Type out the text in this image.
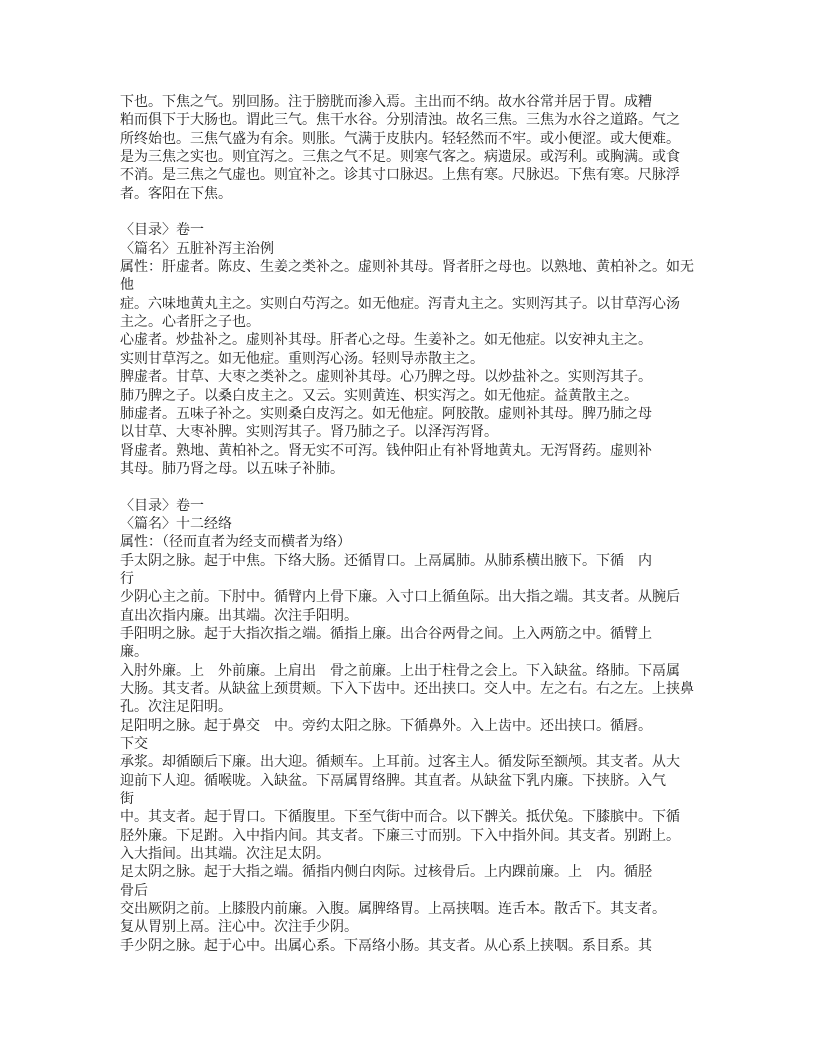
下也。下焦之气。别回肠。注于膀胱而渗入焉。主出而不纳。故水谷常并居于胃。成糟
粕而俱下于大肠也。谓此三气。焦干水谷。分别清浊。故名三焦。三焦为水谷之道路。气之
所终始也。三焦气盛为有余。则胀。气满于皮肤内。轻轻然而不牢。或小便涩。或大便难。
是为三焦之实也。则宜泻之。三焦之气不足。则寒气客之。病遗尿。或泻利。或胸满。或食
不消。是三焦之气虚也。则宜补之。诊其寸口脉迟。上焦有寒。尺脉迟。下焦有寒。尺脉浮
者。客阳在下焦。
〈目录〉卷一
〈篇名〉五脏补泻主治例
属性：肝虚者。陈皮、生姜之类补之。虚则补其母。肾者肝之母也。以熟地、黄柏补之。如无
他
症。六味地黄丸主之。实则白芍泻之。如无他症。泻青丸主之。实则泻其子。以甘草泻心汤
主之。心者肝之子也。
心虚者。炒盐补之。虚则补其母。肝者心之母。生姜补之。如无他症。以安神丸主之。
实则甘草泻之。如无他症。重则泻心汤。轻则导赤散主之。
脾虚者。甘草、大枣之类补之。虚则补其母。心乃脾之母。以炒盐补之。实则泻其子。
肺乃脾之子。以桑白皮主之。又云。实则黄连、枳实泻之。如无他症。益黄散主之。
肺虚者。五味子补之。实则桑白皮泻之。如无他症。阿胶散。虚则补其母。脾乃肺之母
以甘草、大枣补脾。实则泻其子。肾乃肺之子。以泽泻泻肾。
肾虚者。熟地、黄柏补之。肾无实不可泻。钱仲阳止有补肾地黄丸。无泻肾药。虚则补
其母。肺乃肾之母。以五味子补肺。
〈目录〉卷一
〈篇名〉十二经络
属性：（径而直者为经支而横者为络）
手太阴之脉。起于中焦。下络大肠。还循胃口。上鬲属肺。从肺系横出腋下。下循　内
行
少阴心主之前。下肘中。循臂内上骨下廉。入寸口上循鱼际。出大指之端。其支者。从腕后
直出次指内廉。出其端。次注手阳明。
手阳明之脉。起于大指次指之端。循指上廉。出合谷两骨之间。上入两筋之中。循臂上
廉。
入肘外廉。上　外前廉。上肩出　骨之前廉。上出于柱骨之会上。下入缺盆。络肺。下鬲属
大肠。其支者。从缺盆上颈贯颊。下入下齿中。还出挟口。交人中。左之右。右之左。上挟鼻
孔。次注足阳明。
足阳明之脉。起于鼻交　中。旁约太阳之脉。下循鼻外。入上齿中。还出挟口。循唇。
下交
承浆。却循颐后下廉。出大迎。循颊车。上耳前。过客主人。循发际至额颅。其支者。从大
迎前下人迎。循喉咙。入缺盆。下鬲属胃络脾。其直者。从缺盆下乳内廉。下挟脐。入气
街
中。其支者。起于胃口。下循腹里。下至气街中而合。以下髀关。抵伏兔。下膝膑中。下循
胫外廉。下足跗。入中指内间。其支者。下廉三寸而别。下入中指外间。其支者。别跗上。
入大指间。出其端。次注足太阴。
足太阴之脉。起于大指之端。循指内侧白肉际。过核骨后。上内踝前廉。上　内。循胫
骨后
交出厥阴之前。上膝股内前廉。入腹。属脾络胃。上鬲挟咽。连舌本。散舌下。其支者。
复从胃别上鬲。注心中。次注手少阴。
手少阴之脉。起于心中。出属心系。下鬲络小肠。其支者。从心系上挟咽。系目系。其
